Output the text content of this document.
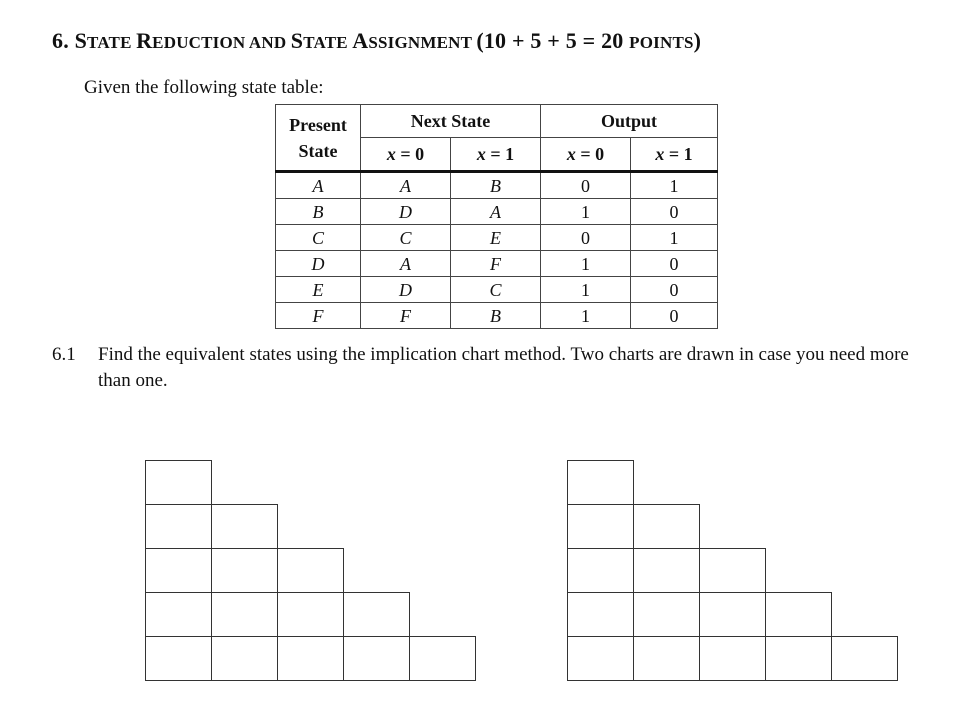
6. STATE REDUCTION AND STATE ASSIGNMENT (10 + 5 + 5 = 20 POINTS)
Given the following state table:
Present
State	Next State		Output	
	x = 0	x = 1	x = 0	x = 1
A	A	B	0	1
B	D	A	1	0
C	C	E	0	1
D	A	F	1	0
E	D	C	1	0
F	F	B	1	0
6.1 Find the equivalent states using the implication chart method. Two charts are drawn in case you need more than one.
